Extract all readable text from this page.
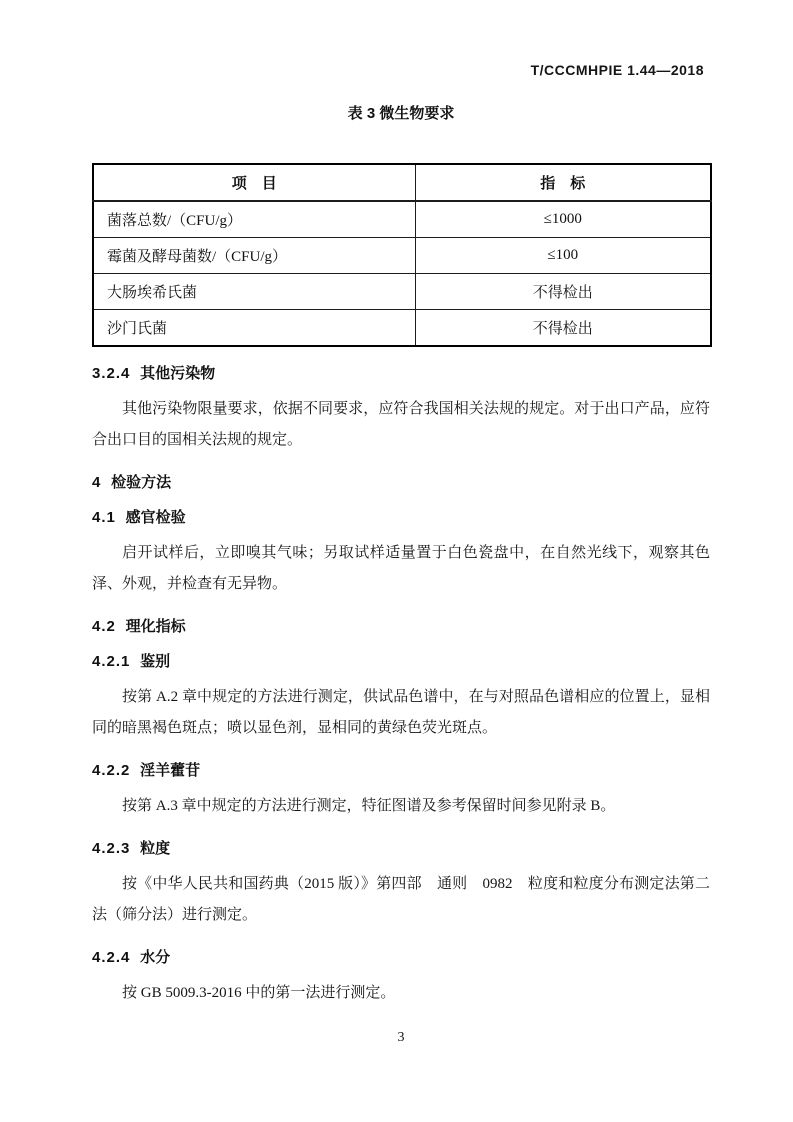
T/CCCMHPIE 1.44—2018
表 3 微生物要求
项　目	指　标
菌落总数/（CFU/g）	≤1000
霉菌及酵母菌数/（CFU/g）	≤100
大肠埃希氏菌	不得检出
沙门氏菌	不得检出
3.2.4 其他污染物

其他污染物限量要求，依据不同要求，应符合我国相关法规的规定。对于出口产品，应符合出口目的国相关法规的规定。

4 检验方法
4.1 感官检验

启开试样后，立即嗅其气味；另取试样适量置于白色瓷盘中，在自然光线下，观察其色泽、外观，并检查有无异物。

4.2 理化指标
4.2.1 鉴别

按第 A.2 章中规定的方法进行测定，供试品色谱中，在与对照品色谱相应的位置上，显相同的暗黑褐色斑点；喷以显色剂，显相同的黄绿色荧光斑点。

4.2.2 淫羊藿苷

按第 A.3 章中规定的方法进行测定，特征图谱及参考保留时间参见附录 B。

4.2.3 粒度

按《中华人民共和国药典（2015 版）》第四部　通则　0982　粒度和粒度分布测定法第二法（筛分法）进行测定。

4.2.4 水分

按 GB 5009.3-2016 中的第一法进行测定。

3
